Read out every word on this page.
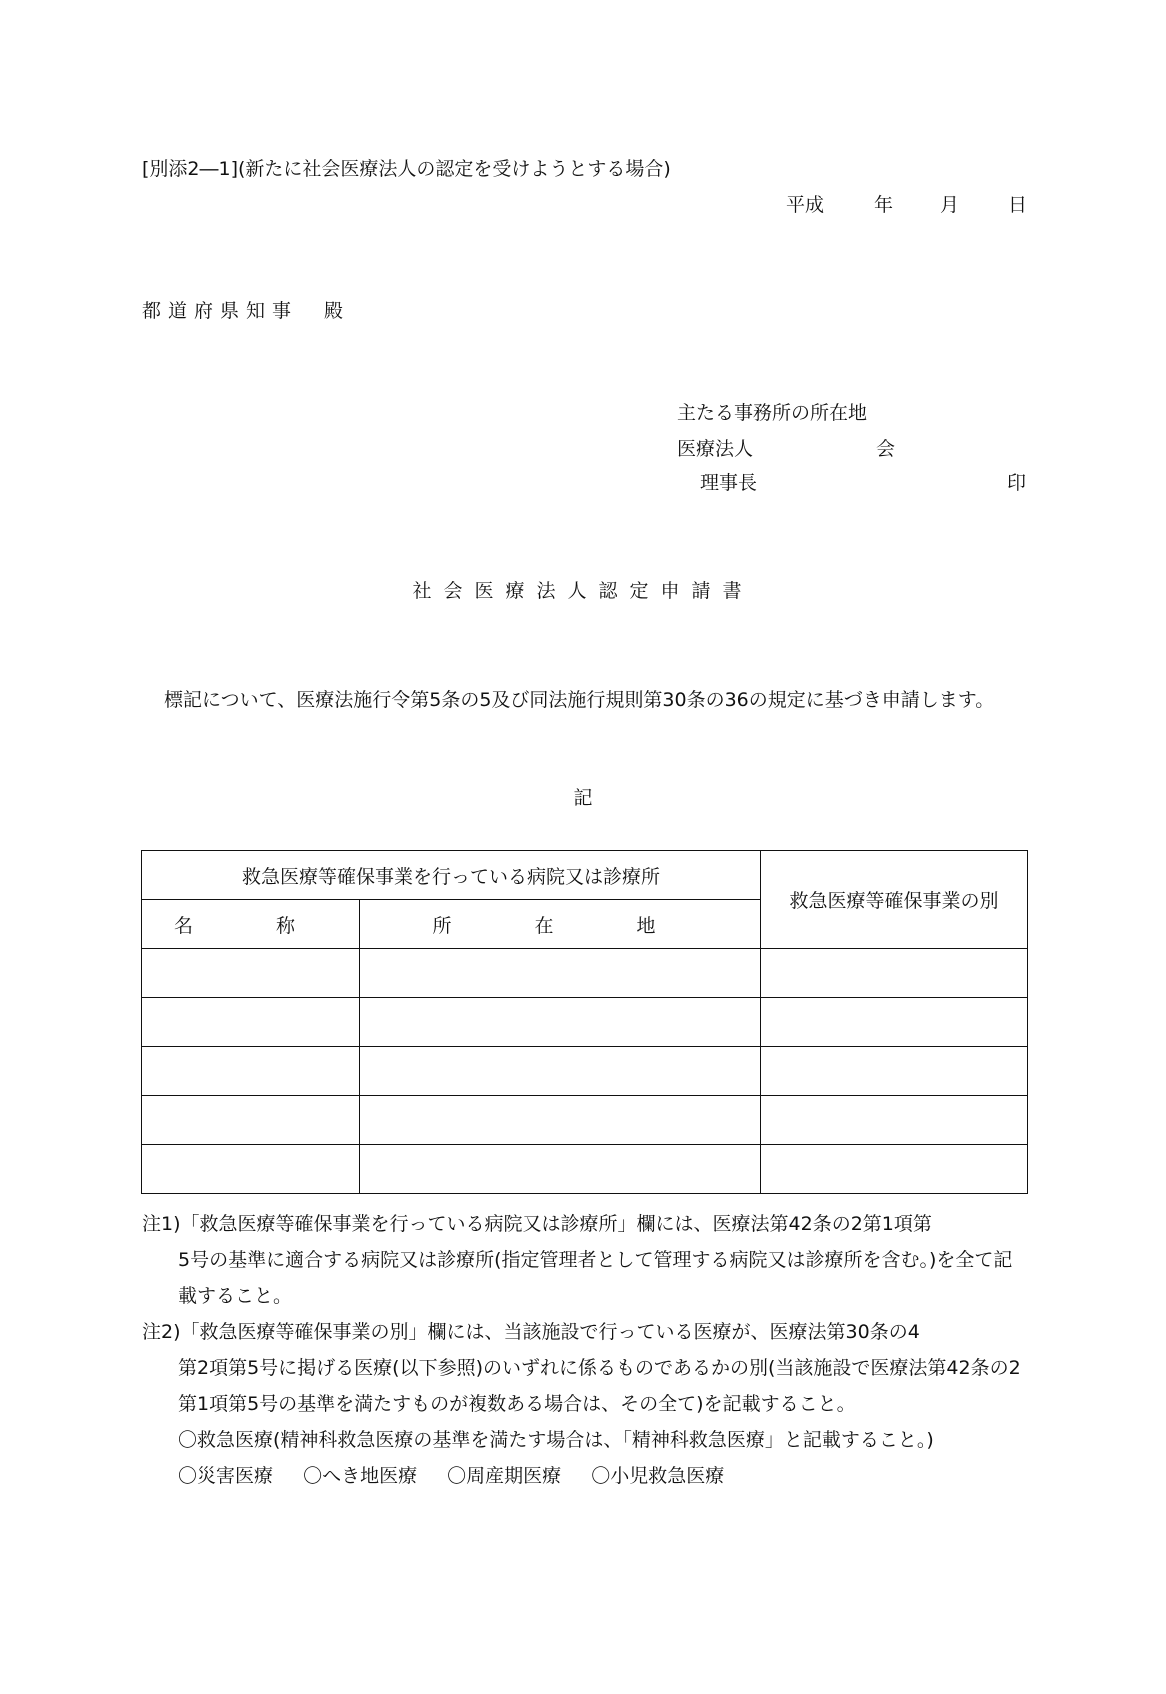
[別添2―1](新たに社会医療法人の認定を受けようとする場合)
平成	年 月	日
都道府県知事　殿
主たる事務所の所在地
医療法人	会
理事長	印
社会医療法人認定申請書
標記について、医療法施行令第5条の5及び同法施行規則第30条の36の規定に基づき申請します。
記
救急医療等確保事業を行っている病院又は診療所		救急医療等確保事業の別
名　称	所　在　地	

注1) 「救急医療等確保事業を行っている病院又は診療所」欄には、医療法第42条の2第1項第
5号の基準に適合する病院又は診療所(指定管理者として管理する病院又は診療所を含む。)を全て記載すること。
注2) 「救急医療等確保事業の別」欄には、当該施設で行っている医療が、医療法第30条の4
第2項第5号に掲げる医療(以下参照)のいずれに係るものであるかの別(当該施設で医療法第42条の2第1項第5号の基準を満たすものが複数ある場合は、その全て)を記載すること。
〇救急医療(精神科救急医療の基準を満たす場合は、「精神科救急医療」と記載すること。)
〇災害医療 〇へき地医療 〇周産期医療 〇小児救急医療
